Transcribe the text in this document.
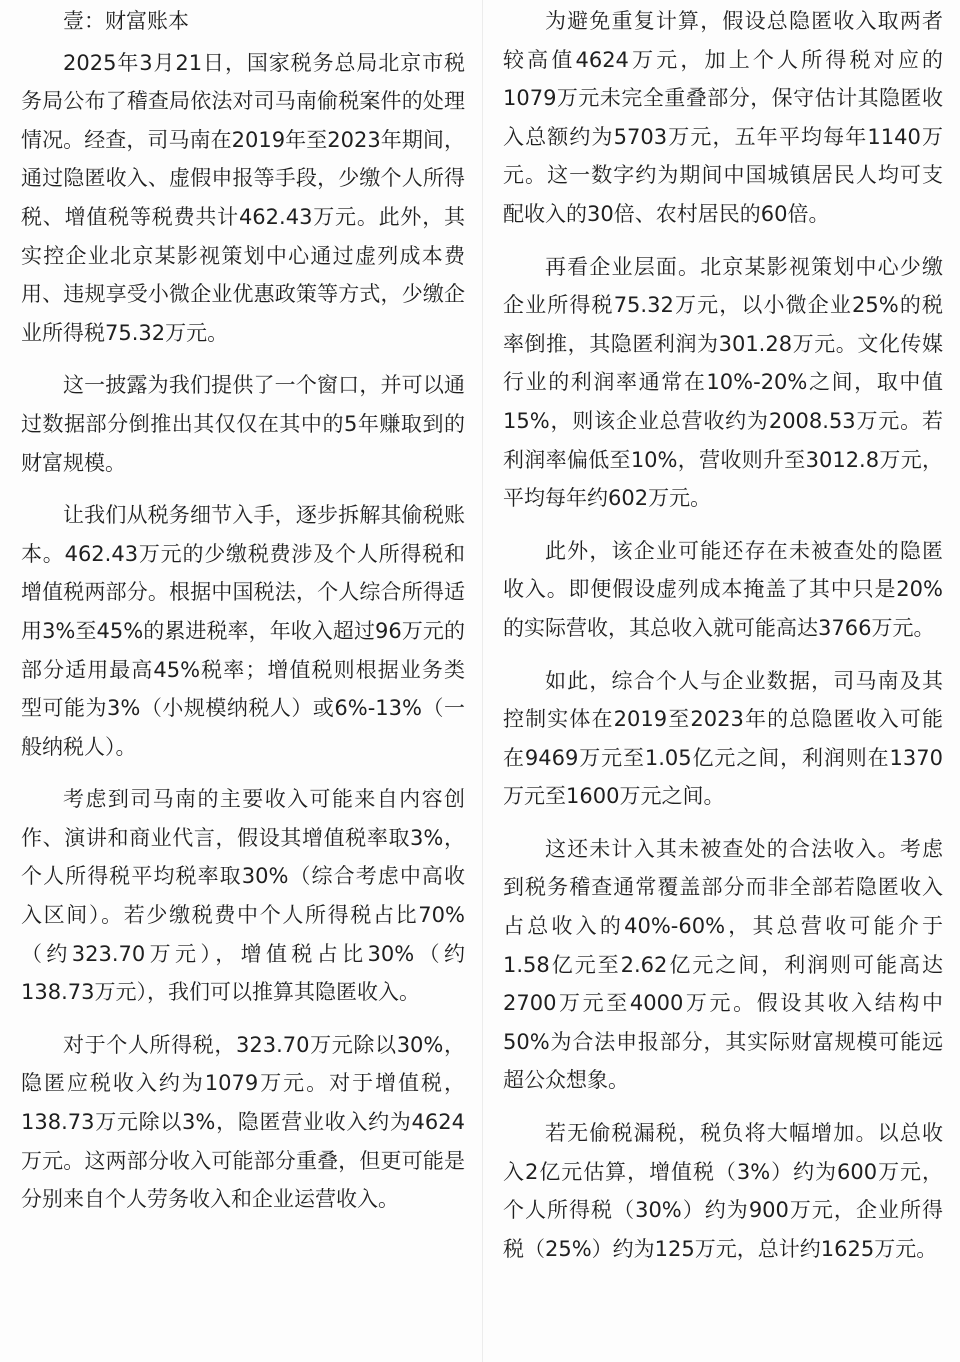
壹：财富账本

2025年3月21日，国家税务总局北京市税务局公布了稽查局依法对司马南偷税案件的处理情况。经查，司马南在2019年至2023年期间，通过隐匿收入、虚假申报等手段，少缴个人所得税、增值税等税费共计462.43万元。此外，其实控企业北京某影视策划中心通过虚列成本费用、违规享受小微企业优惠政策等方式，少缴企业所得税75.32万元。

这一披露为我们提供了一个窗口，并可以通过数据部分倒推出其仅仅在其中的5年赚取到的财富规模。

让我们从税务细节入手，逐步拆解其偷税账本。462.43万元的少缴税费涉及个人所得税和增值税两部分。根据中国税法，个人综合所得适用3%至45%的累进税率，年收入超过96万元的部分适用最高45%税率；增值税则根据业务类型可能为3%（小规模纳税人）或6%-13%（一般纳税人）。

考虑到司马南的主要收入可能来自内容创作、演讲和商业代言，假设其增值税率取3%，个人所得税平均税率取30%（综合考虑中高收入区间）。若少缴税费中个人所得税占比70%（约323.70万元），增值税占比30%（约138.73万元），我们可以推算其隐匿收入。

对于个人所得税，323.70万元除以30%，隐匿应税收入约为1079万元。对于增值税，138.73万元除以3%，隐匿营业收入约为4624万元。这两部分收入可能部分重叠，但更可能是分别来自个人劳务收入和企业运营收入。

为避免重复计算，假设总隐匿收入取两者较高值4624万元，加上个人所得税对应的1079万元未完全重叠部分，保守估计其隐匿收入总额约为5703万元，五年平均每年1140万元。这一数字约为期间中国城镇居民人均可支配收入的30倍、农村居民的60倍。

再看企业层面。北京某影视策划中心少缴企业所得税75.32万元，以小微企业25%的税率倒推，其隐匿利润为301.28万元。文化传媒行业的利润率通常在10%-20%之间，取中值15%，则该企业总营收约为2008.53万元。若利润率偏低至10%，营收则升至3012.8万元，平均每年约602万元。

此外，该企业可能还存在未被查处的隐匿收入。即便假设虚列成本掩盖了其中只是20%的实际营收，其总收入就可能高达3766万元。

如此，综合个人与企业数据，司马南及其控制实体在2019至2023年的总隐匿收入可能在9469万元至1.05亿元之间，利润则在1370万元至1600万元之间。

这还未计入其未被查处的合法收入。考虑到税务稽查通常覆盖部分而非全部若隐匿收入占总收入的40%-60%，其总营收可能介于1.58亿元至2.62亿元之间，利润则可能高达2700万元至4000万元。假设其收入结构中50%为合法申报部分，其实际财富规模可能远超公众想象。

若无偷税漏税，税负将大幅增加。以总收入2亿元估算，增值税（3%）约为600万元，个人所得税（30%）约为900万元，企业所得税（25%）约为125万元，总计约1625万元。
